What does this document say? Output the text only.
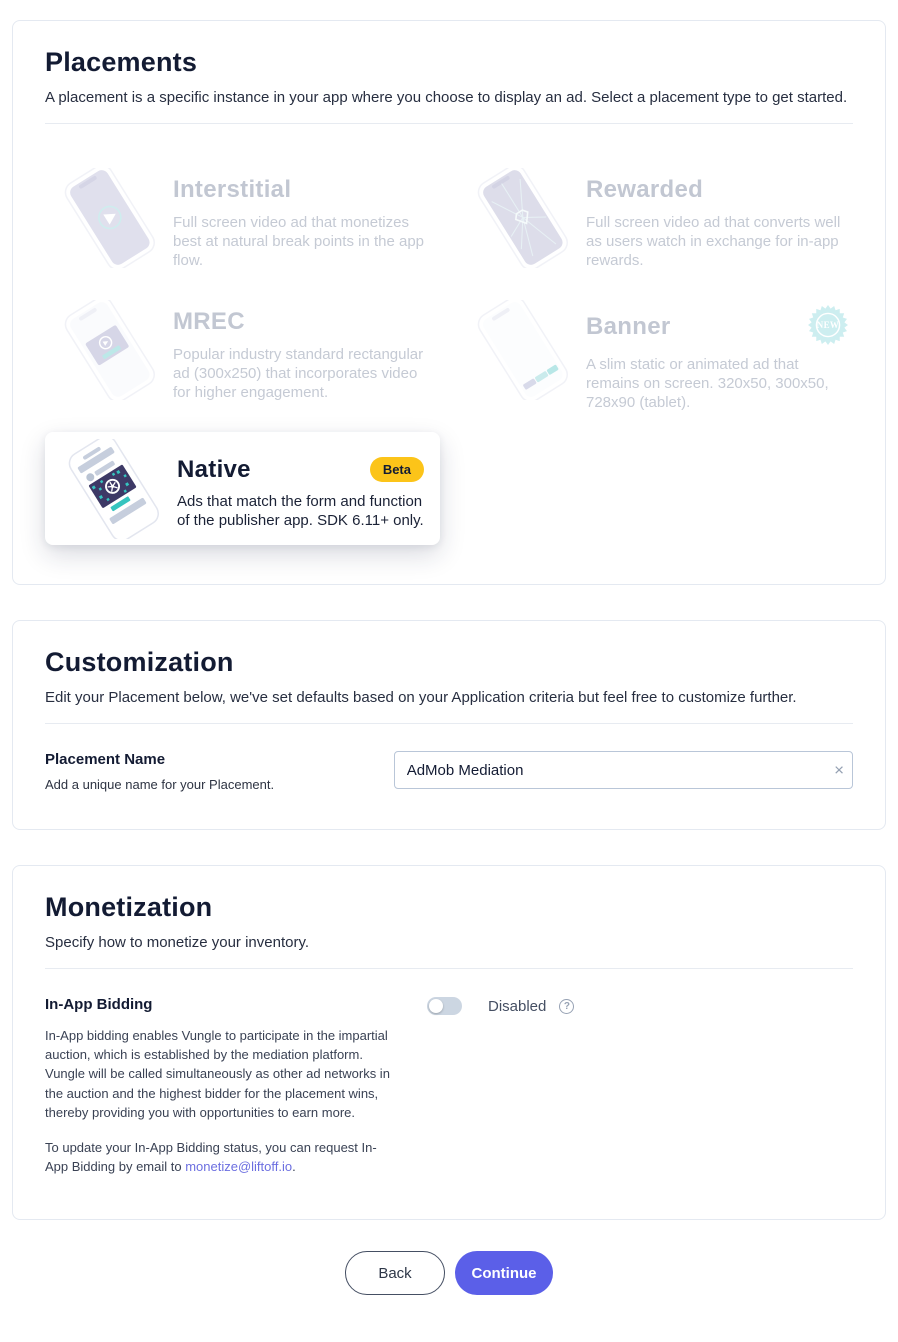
Placements

A placement is a specific instance in your app where you choose to display an ad. Select a placement type to get started.

Interstitial

Full screen video ad that monetizes best at natural break points in the app flow.

Rewarded

Full screen video ad that converts well as users watch in exchange for in-app rewards.

MREC

Popular industry standard rectangular ad (300x250) that incorporates video for higher engagement.

Banner	NEW

A slim static or animated ad that remains on screen. 320x50, 300x50, 728x90 (tablet).

Native	Beta

Ads that match the form and function of the publisher app. SDK 6.11+ only.

Customization

Edit your Placement below, we've set defaults based on your Application criteria but feel free to customize further.

Placement Name
Add a unique name for your Placement.
AdMob Mediation
×
Monetization

Specify how to monetize your inventory.

In-App Bidding

In-App bidding enables Vungle to participate in the impartial auction, which is established by the mediation platform. Vungle will be called simultaneously as other ad networks in the auction and the highest bidder for the placement wins, thereby providing you with opportunities to earn more.

To update your In-App Bidding status, you can request In-App Bidding by email to monetize@liftoff.io.

Disabled	?
Back	Continue
